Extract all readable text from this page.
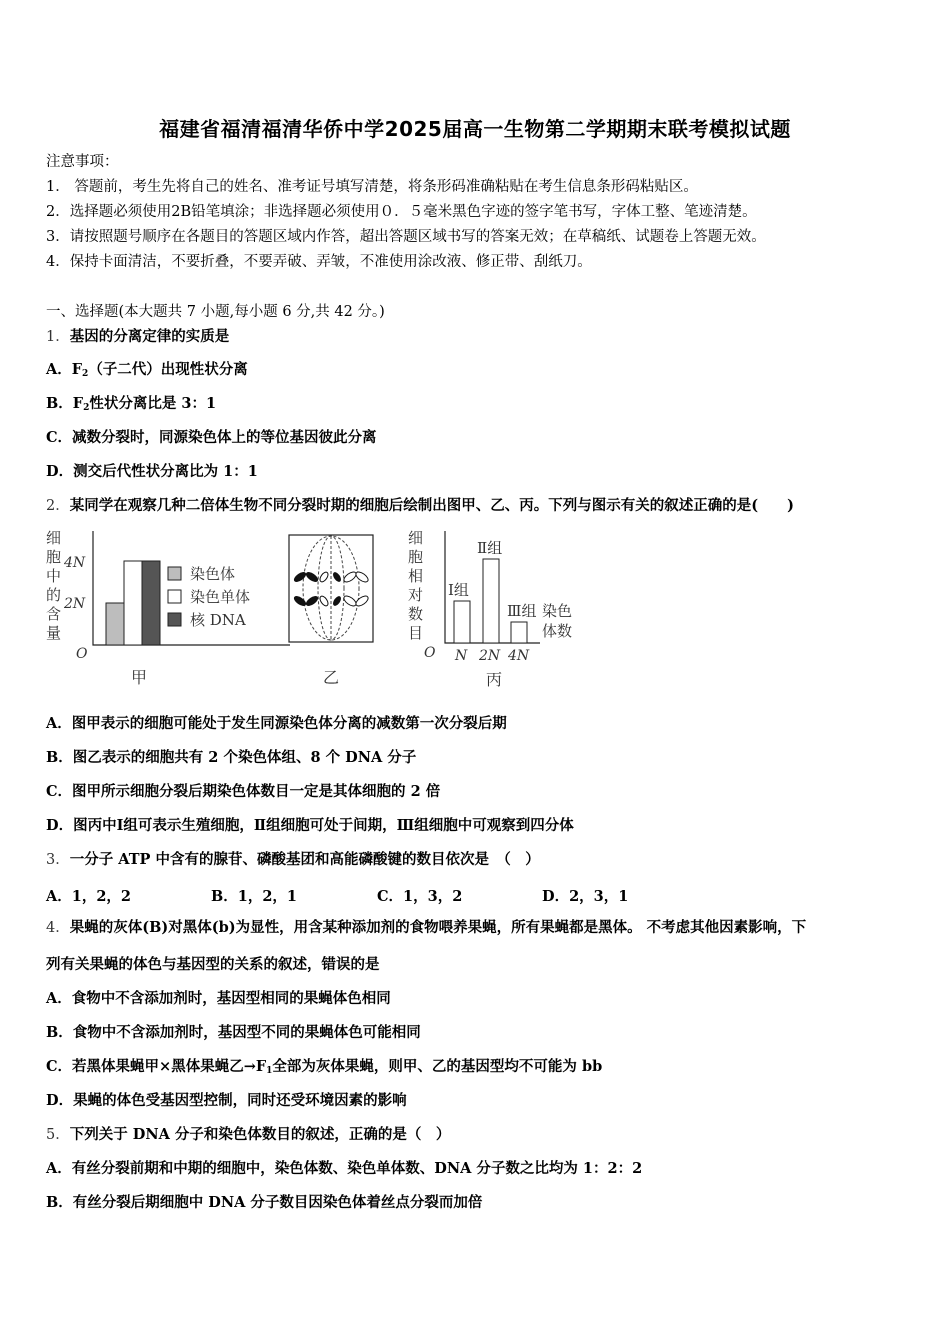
福建省福清福清华侨中学2025届高一生物第二学期期末联考模拟试题
注意事项：
1． 答题前，考生先将自己的姓名、准考证号填写清楚，将条形码准确粘贴在考生信息条形码粘贴区。
2．选择题必须使用2B铅笔填涂；非选择题必须使用０．５毫米黑色字迹的签字笔书写，字体工整、笔迹清楚。
3．请按照题号顺序在各题目的答题区域内作答，超出答题区域书写的答案无效；在草稿纸、试题卷上答题无效。
4．保持卡面清洁，不要折叠，不要弄破、弄皱，不准使用涂改液、修正带、刮纸刀。
一、选择题(本大题共 7 小题,每小题 6 分,共 42 分。)
1．基因的分离定律的实质是
A．$F_2$（子二代）出现性状分离
B．$F_2$性状分离比是 3：1
C．减数分裂时，同源染色体上的等位基因彼此分离
D．测交后代性状分离比为 1：1
2．某同学在观察几种二倍体生物不同分裂时期的细胞后绘制出图甲、乙、丙。下列与图示有关的叙述正确的是(　　)
细
胞
中
的
含
量
4N
2N
O
染色体
染色单体
核 DNA
甲	乙
细
胞
相
对
数
目
Ⅰ组
Ⅱ组
Ⅲ组 染色
体数
O N 2N 4N
丙
A．图甲表示的细胞可能处于发生同源染色体分离的减数第一次分裂后期
B．图乙表示的细胞共有 2 个染色体组、8 个 DNA 分子
C．图甲所示细胞分裂后期染色体数目一定是其体细胞的 2 倍
D．图丙中Ⅰ组可表示生殖细胞，Ⅱ组细胞可处于间期，Ⅲ组细胞中可观察到四分体
3．一分子 ATP 中含有的腺苷、磷酸基团和高能磷酸键的数目依次是　（　）
A．1，2，2	B．1，2，1	C．1，3，2	D．2，3，1
4．果蝇的灰体(B)对黑体(b)为显性，用含某种添加剂的食物喂养果蝇，所有果蝇都是黑体。 不考虑其他因素影响，下
列有关果蝇的体色与基因型的关系的叙述，错误的是
A．食物中不含添加剂时，基因型相同的果蝇体色相同
B．食物中不含添加剂时，基因型不同的果蝇体色可能相同
C．若黑体果蝇甲×黑体果蝇乙$\to F_1$全部为灰体果蝇，则甲、乙的基因型均不可能为 bb
D．果蝇的体色受基因型控制，同时还受环境因素的影响
5．下列关于 DNA 分子和染色体数目的叙述，正确的是（　）
A．有丝分裂前期和中期的细胞中，染色体数、染色单体数、DNA 分子数之比均为 1：2：2
B．有丝分裂后期细胞中 DNA 分子数目因染色体着丝点分裂而加倍
